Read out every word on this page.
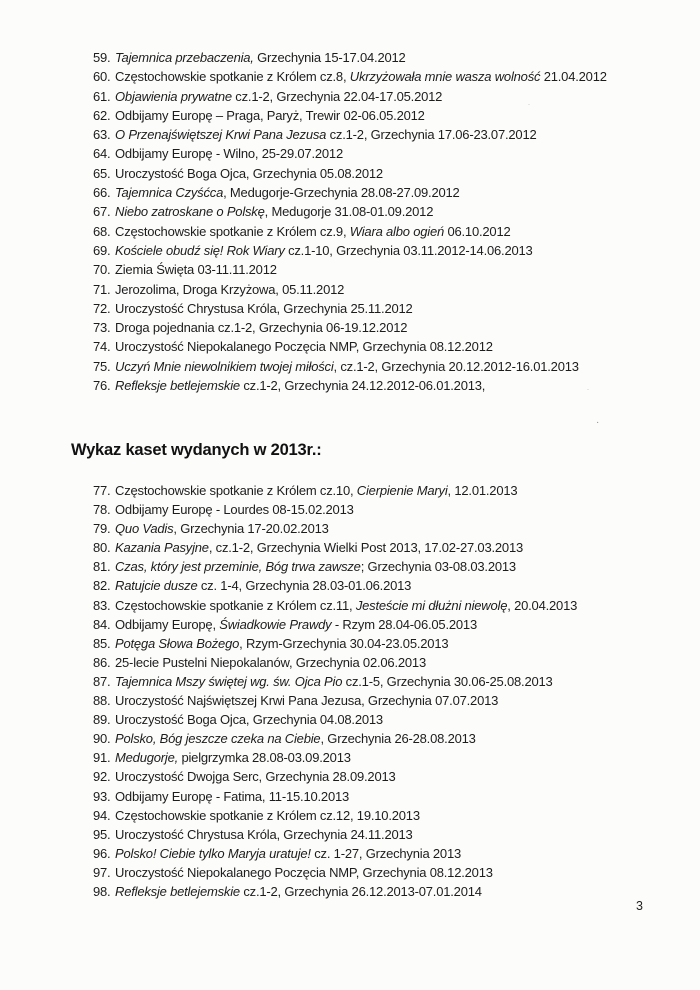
59. Tajemnica przebaczenia, Grzechynia 15-17.04.2012
60. Częstochowskie spotkanie z Królem cz.8, Ukrzyżowała mnie wasza wolność 21.04.2012
61. Objawienia prywatne cz.1-2, Grzechynia 22.04-17.05.2012
62. Odbijamy Europę – Praga, Paryż, Trewir 02-06.05.2012
63. O Przenajświętszej Krwi Pana Jezusa cz.1-2, Grzechynia 17.06-23.07.2012
64. Odbijamy Europę - Wilno, 25-29.07.2012
65. Uroczystość Boga Ojca, Grzechynia 05.08.2012
66. Tajemnica Czyśćca, Medugorje-Grzechynia 28.08-27.09.2012
67. Niebo zatroskane o Polskę, Medugorje 31.08-01.09.2012
68. Częstochowskie spotkanie z Królem cz.9, Wiara albo ogień 06.10.2012
69. Kościele obudź się! Rok Wiary cz.1-10, Grzechynia 03.11.2012-14.06.2013
70. Ziemia Święta 03-11.11.2012
71. Jerozolima, Droga Krzyżowa, 05.11.2012
72. Uroczystość Chrystusa Króla, Grzechynia 25.11.2012
73. Droga pojednania cz.1-2, Grzechynia 06-19.12.2012
74. Uroczystość Niepokalanego Poczęcia NMP, Grzechynia 08.12.2012
75. Uczyń Mnie niewolnikiem twojej miłości, cz.1-2, Grzechynia 20.12.2012-16.01.2013
76. Refleksje betlejemskie cz.1-2, Grzechynia 24.12.2012-06.01.2013,
Wykaz kaset wydanych w 2013r.:
77. Częstochowskie spotkanie z Królem cz.10, Cierpienie Maryi, 12.01.2013
78. Odbijamy Europę - Lourdes 08-15.02.2013
79. Quo Vadis, Grzechynia 17-20.02.2013
80. Kazania Pasyjne, cz.1-2, Grzechynia Wielki Post 2013, 17.02-27.03.2013
81. Czas, który jest przeminie, Bóg trwa zawsze; Grzechynia 03-08.03.2013
82. Ratujcie dusze cz. 1-4, Grzechynia 28.03-01.06.2013
83. Częstochowskie spotkanie z Królem cz.11, Jesteście mi dłużni niewolę, 20.04.2013
84. Odbijamy Europę, Świadkowie Prawdy - Rzym 28.04-06.05.2013
85. Potęga Słowa Bożego, Rzym-Grzechynia 30.04-23.05.2013
86. 25-lecie Pustelni Niepokalanów, Grzechynia 02.06.2013
87. Tajemnica Mszy świętej wg. św. Ojca Pio cz.1-5, Grzechynia 30.06-25.08.2013
88. Uroczystość Najświętszej Krwi Pana Jezusa, Grzechynia 07.07.2013
89. Uroczystość Boga Ojca, Grzechynia 04.08.2013
90. Polsko, Bóg jeszcze czeka na Ciebie, Grzechynia 26-28.08.2013
91. Medugorje, pielgrzymka 28.08-03.09.2013
92. Uroczystość Dwojga Serc, Grzechynia 28.09.2013
93. Odbijamy Europę - Fatima, 11-15.10.2013
94. Częstochowskie spotkanie z Królem cz.12, 19.10.2013
95. Uroczystość Chrystusa Króla, Grzechynia 24.11.2013
96. Polsko! Ciebie tylko Maryja uratuje! cz. 1-27, Grzechynia 2013
97. Uroczystość Niepokalanego Poczęcia NMP, Grzechynia 08.12.2013
98. Refleksje betlejemskie cz.1-2, Grzechynia 26.12.2013-07.01.2014
3
·
·
·
